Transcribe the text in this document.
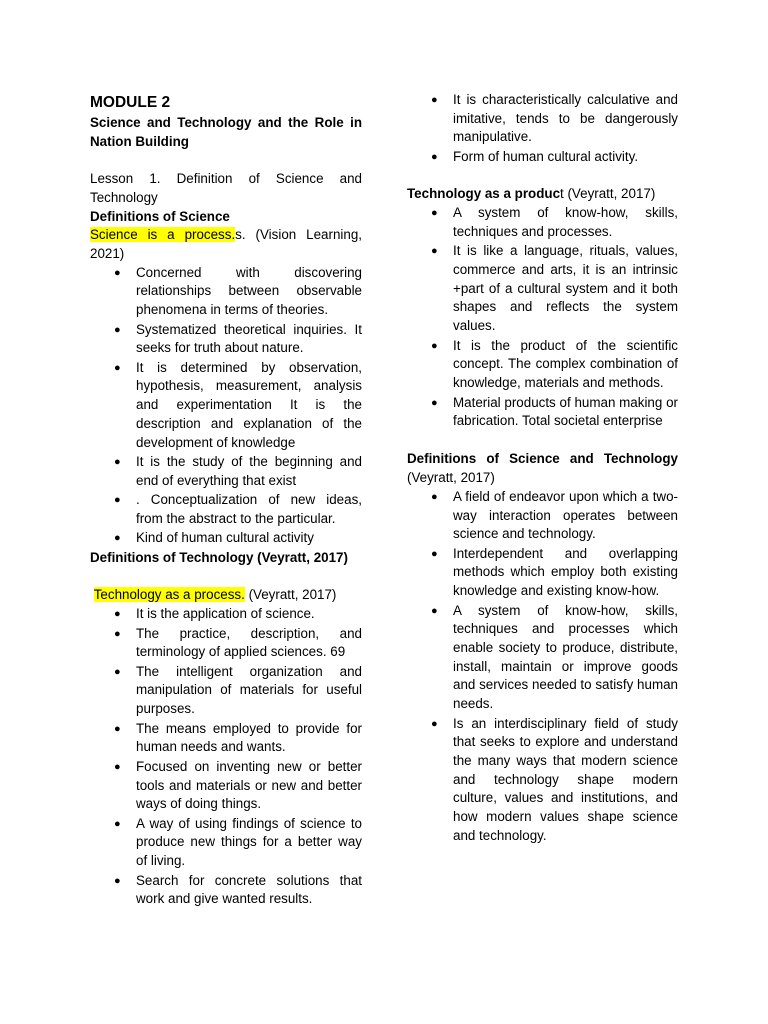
MODULE 2

Science and Technology and the Role in Nation Building

Lesson 1. Definition of Science and Technology

Definitions of Science

Science is a process.s. (Vision Learning, 2021)

● Concerned with discovering relationships between observable phenomena in terms of theories.
● Systematized theoretical inquiries. It seeks for truth about nature.
● It is determined by observation, hypothesis, measurement, analysis and experimentation It is the description and explanation of the development of knowledge
● It is the study of the beginning and end of everything that exist
● . Conceptualization of new ideas, from the abstract to the particular.
● Kind of human cultural activity

Definitions of Technology (Veyratt, 2017)

Technology as a process. (Veyratt, 2017)

● It is the application of science.
● The practice, description, and terminology of applied sciences. 69
● The intelligent organization and manipulation of materials for useful purposes.
● The means employed to provide for human needs and wants.
● Focused on inventing new or better tools and materials or new and better ways of doing things.
● A way of using findings of science to produce new things for a better way of living.
● Search for concrete solutions that work and give wanted results.
● It is characteristically calculative and imitative, tends to be dangerously manipulative.
● Form of human cultural activity.

Technology as a product (Veyratt, 2017)

● A system of know-how, skills, techniques and processes.
● It is like a language, rituals, values, commerce and arts, it is an intrinsic +part of a cultural system and it both shapes and reflects the system values.
● It is the product of the scientific concept. The complex combination of knowledge, materials and methods.
● Material products of human making or fabrication. Total societal enterprise

Definitions of Science and Technology (Veyratt, 2017)

● A field of endeavor upon which a two-way interaction operates between science and technology.
● Interdependent and overlapping methods which employ both existing knowledge and existing know-how.
● A system of know-how, skills, techniques and processes which enable society to produce, distribute, install, maintain or improve goods and services needed to satisfy human needs.
● Is an interdisciplinary field of study that seeks to explore and understand the many ways that modern science and technology shape modern culture, values and institutions, and how modern values shape science and technology.
